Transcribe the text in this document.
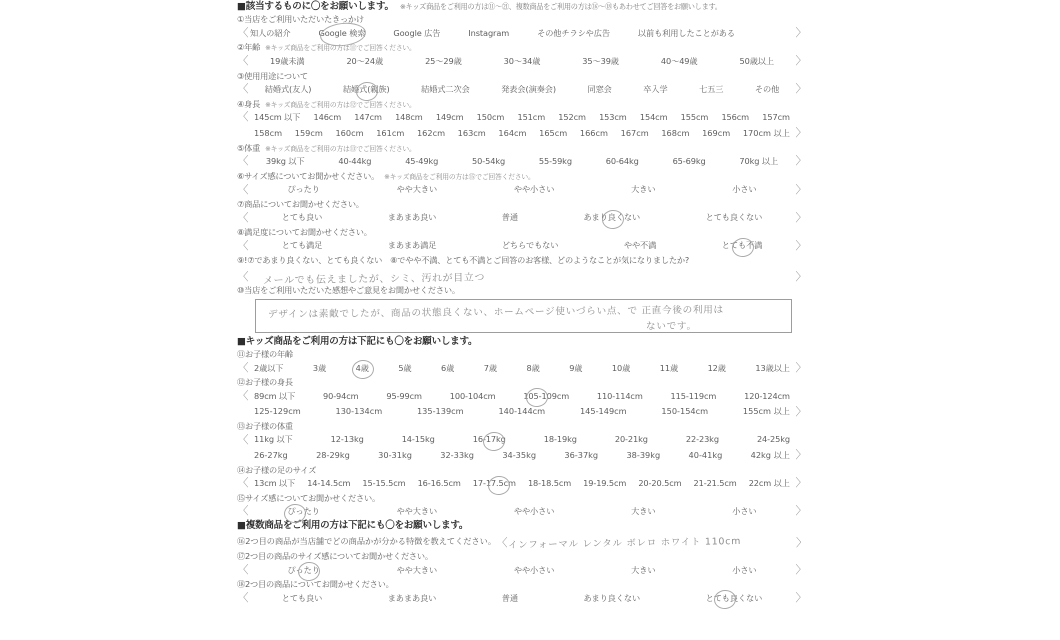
■該当するものに〇をお願いします。 ※キッズ商品をご利用の方は⑪～㉑、複数商品をご利用の方は⑯～⑱もあわせてご回答をお願いします。
①当店をご利用いただいたきっかけ
〈 知人の紹介	Google 検索	Google 広告	Instagram	その他チラシや広告	以前も利用したことがある	〉
②年齢 ※キッズ商品をご利用の方は⑪でご回答ください。
〈	19歳未満	20～24歳	25～29歳	30～34歳	35～39歳	40～49歳	50歳以上 〉
③使用用途について
〈 結婚式(友人)	結婚式(親族)	結婚式二次会	発表会(演奏会)	同窓会	卒入学	七五三	その他 〉
④身長 ※キッズ商品をご利用の方は⑫でご回答ください。
〈 145cm 以下 146cm 147cm 148cm 149cm 150cm 151cm 152cm 153cm 154cm 155cm 156cm 157cm
158cm 159cm 160cm 161cm 162cm 163cm 164cm 165cm 166cm 167cm 168cm 169cm 170cm 以上 〉
⑤体重 ※キッズ商品をご利用の方は⑬でご回答ください。
〈 39kg 以下	40-44kg	45-49kg	50-54kg	55-59kg	60-64kg	65-69kg	70kg 以上 〉
⑥サイズ感についてお聞かせください。 ※キッズ商品をご利用の方は⑮でご回答ください。
〈	ぴったり	やや大きい	やや小さい	大きい	小さい	〉
⑦商品についてお聞かせください。
〈	とても良い	まあまあ良い	普通	あまり良くない	とても良くない	〉
⑧満足度についてお聞かせください。
〈	とても満足	まあまあ満足	どちらでもない	やや不満	とても不満	〉
⑨!⑦であまり良くない、とても良くない　⑧でやや不満、とても不満とご回答のお客様、どのようなことが気になりましたか?
〈	メールでも伝えましたが、シミ、汚れが目立つ	〉
⑩当店をご利用いただいた感想やご意見をお聞かせください。
デザインは素敵でしたが、商品の状態良くない、ホームページ使いづらい点、で 正直今後の利用は
ないです。
■キッズ商品をご利用の方は下記にも〇をお願いします。
⑪お子様の年齢
〈 2歳以下	3歳	4歳	5歳	6歳	7歳	8歳	9歳	10歳	11歳	12歳	13歳以上 〉
⑫お子様の身長
〈 89cm 以下	90-94cm	95-99cm	100-104cm	105-109cm	110-114cm	115-119cm	120-124cm
125-129cm	130-134cm	135-139cm	140-144cm	145-149cm	150-154cm	155cm 以上 〉
⑬お子様の体重
〈 11kg 以下	12-13kg	14-15kg	16-17kg	18-19kg	20-21kg	22-23kg	24-25kg
26-27kg	28-29kg	30-31kg	32-33kg	34-35kg	36-37kg	38-39kg	40-41kg	42kg 以上 〉
⑭お子様の足のサイズ
〈 13cm 以下 14-14.5cm 15-15.5cm 16-16.5cm 17-17.5cm 18-18.5cm 19-19.5cm 20-20.5cm 21-21.5cm 22cm 以上 〉
⑮サイズ感についてお聞かせください。
〈	ぴったり	やや大きい	やや小さい	大きい	小さい	〉
■複数商品をご利用の方は下記にも〇をお願いします。
⑯2つ目の商品が当店舗でどの商品かが分かる特徴を教えてください。 〈 インフォーマル レンタル ボレロ ホワイト 110cm	〉
⑰2つ目の商品のサイズ感についてお聞かせください。
〈	ぴったり	やや大きい	やや小さい	大きい	小さい	〉
⑱2つ目の商品についてお聞かせください。
〈	とても良い	まあまあ良い	普通	あまり良くない	とても良くない	〉
